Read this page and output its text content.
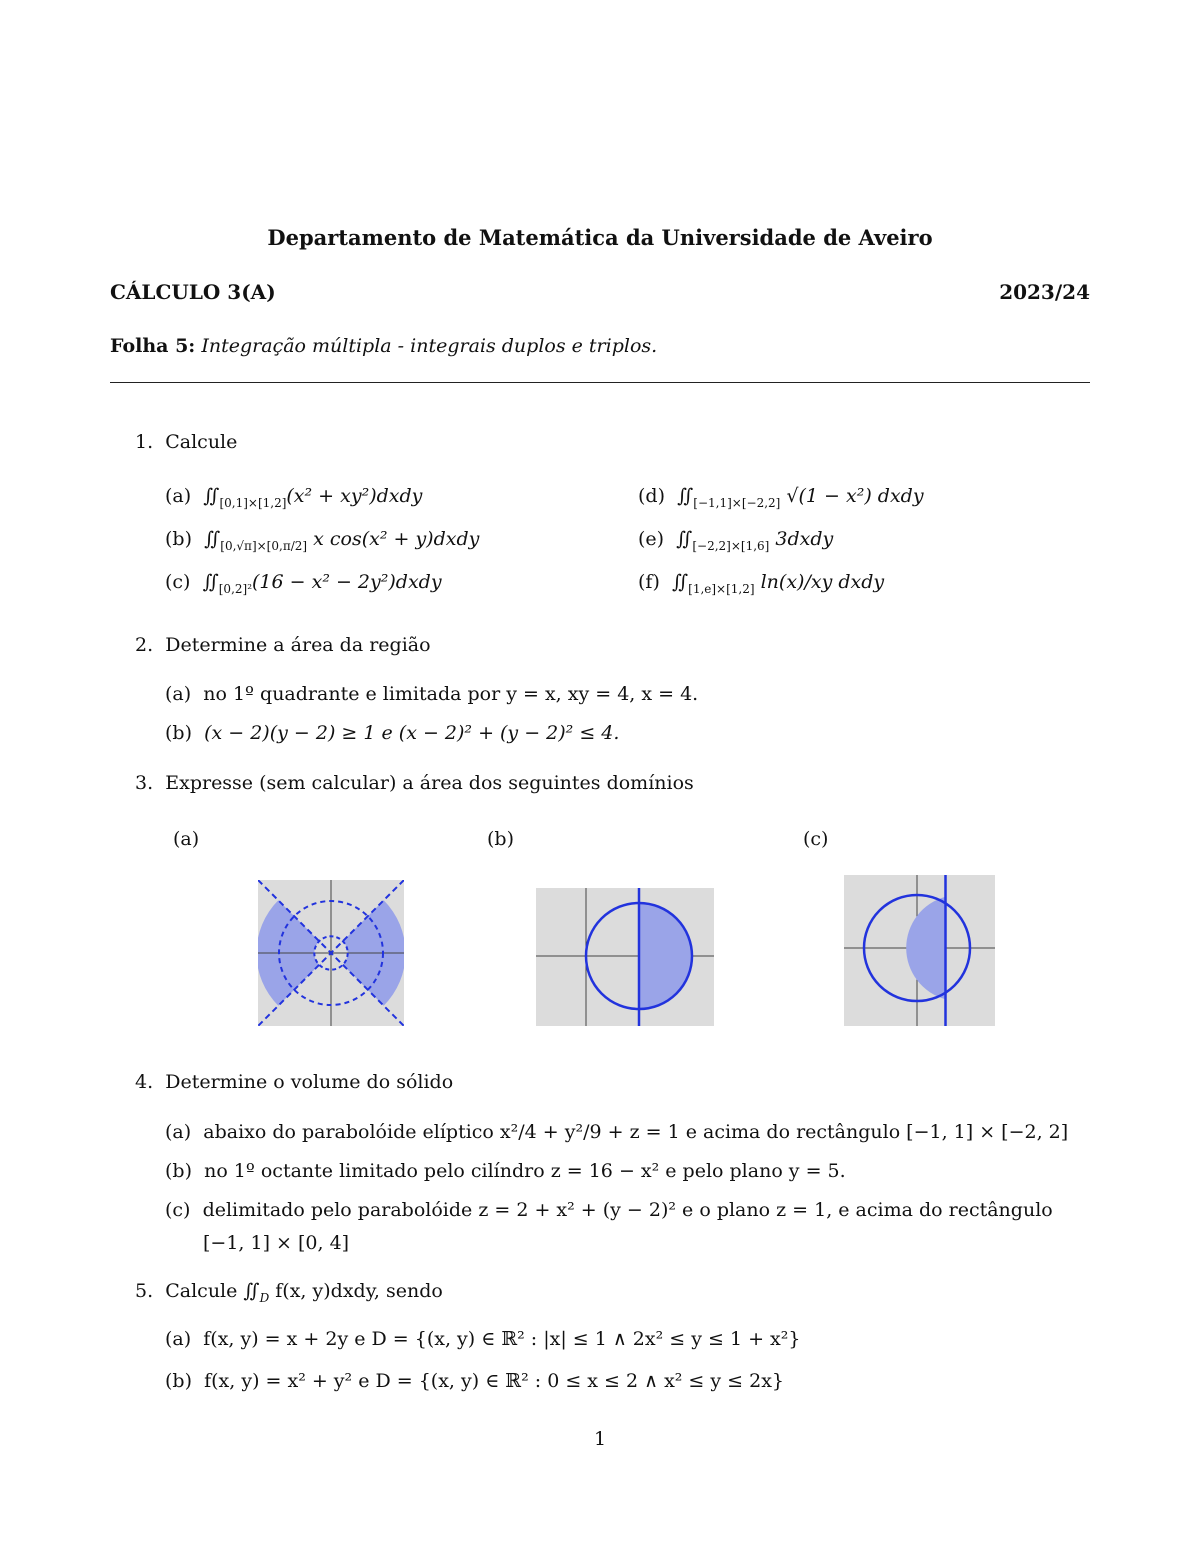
Departamento de Matemática da Universidade de Aveiro
CÁLCULO 3(A)	2023/24
Folha 5: Integração múltipla - integrais duplos e triplos.
1. Calcule
(a) $∬_{[0,1]\times[1,2]}(x^2$ + xy²)dxdy
(b) $∬_{[0,√\pi]\times[0,\pi/2]}$ x cos(x² + y)dxdy
(c) $∬_{[0,2]^2}(16 - x^2$ − 2y²)dxdy
(d) $∬_{[-1,1]\times[-2,2]}$ √(1 − x²) dxdy
(e) $∬_{[-2,2]\times[1,6]}$ 3dxdy
(f) $∬_{[1,e]\times[1,2]}$ ln(x)/xy dxdy
2. Determine a área da região
(a) no 1º quadrante e limitada por y = x, xy = 4, x = 4.
(b) (x − 2)(y − 2) ≥ 1 e (x − 2)² + (y − 2)² ≤ 4.
3. Expresse (sem calcular) a área dos seguintes domínios
(a)	(b)	(c)
4. Determine o volume do sólido
(a) abaixo do parabolóide elíptico x²/4 + y²/9 + z = 1 e acima do rectângulo [−1, 1] × [−2, 2]
(b) no 1º octante limitado pelo cilíndro z = 16 − x² e pelo plano y = 5.
(c) delimitado pelo parabolóide z = 2 + x² + (y − 2)² e o plano z = 1, e acima do rectângulo
[−1, 1] × [0, 4]
5. Calcule $∬_D$ f(x, y)dxdy, sendo
(a) f(x, y) = x + 2y e D = {(x, y) ∈ ℝ² : |x| ≤ 1 ∧ 2x² ≤ y ≤ 1 + x²}
(b) f(x, y) = x² + y² e D = {(x, y) ∈ ℝ² : 0 ≤ x ≤ 2 ∧ x² ≤ y ≤ 2x}
1
